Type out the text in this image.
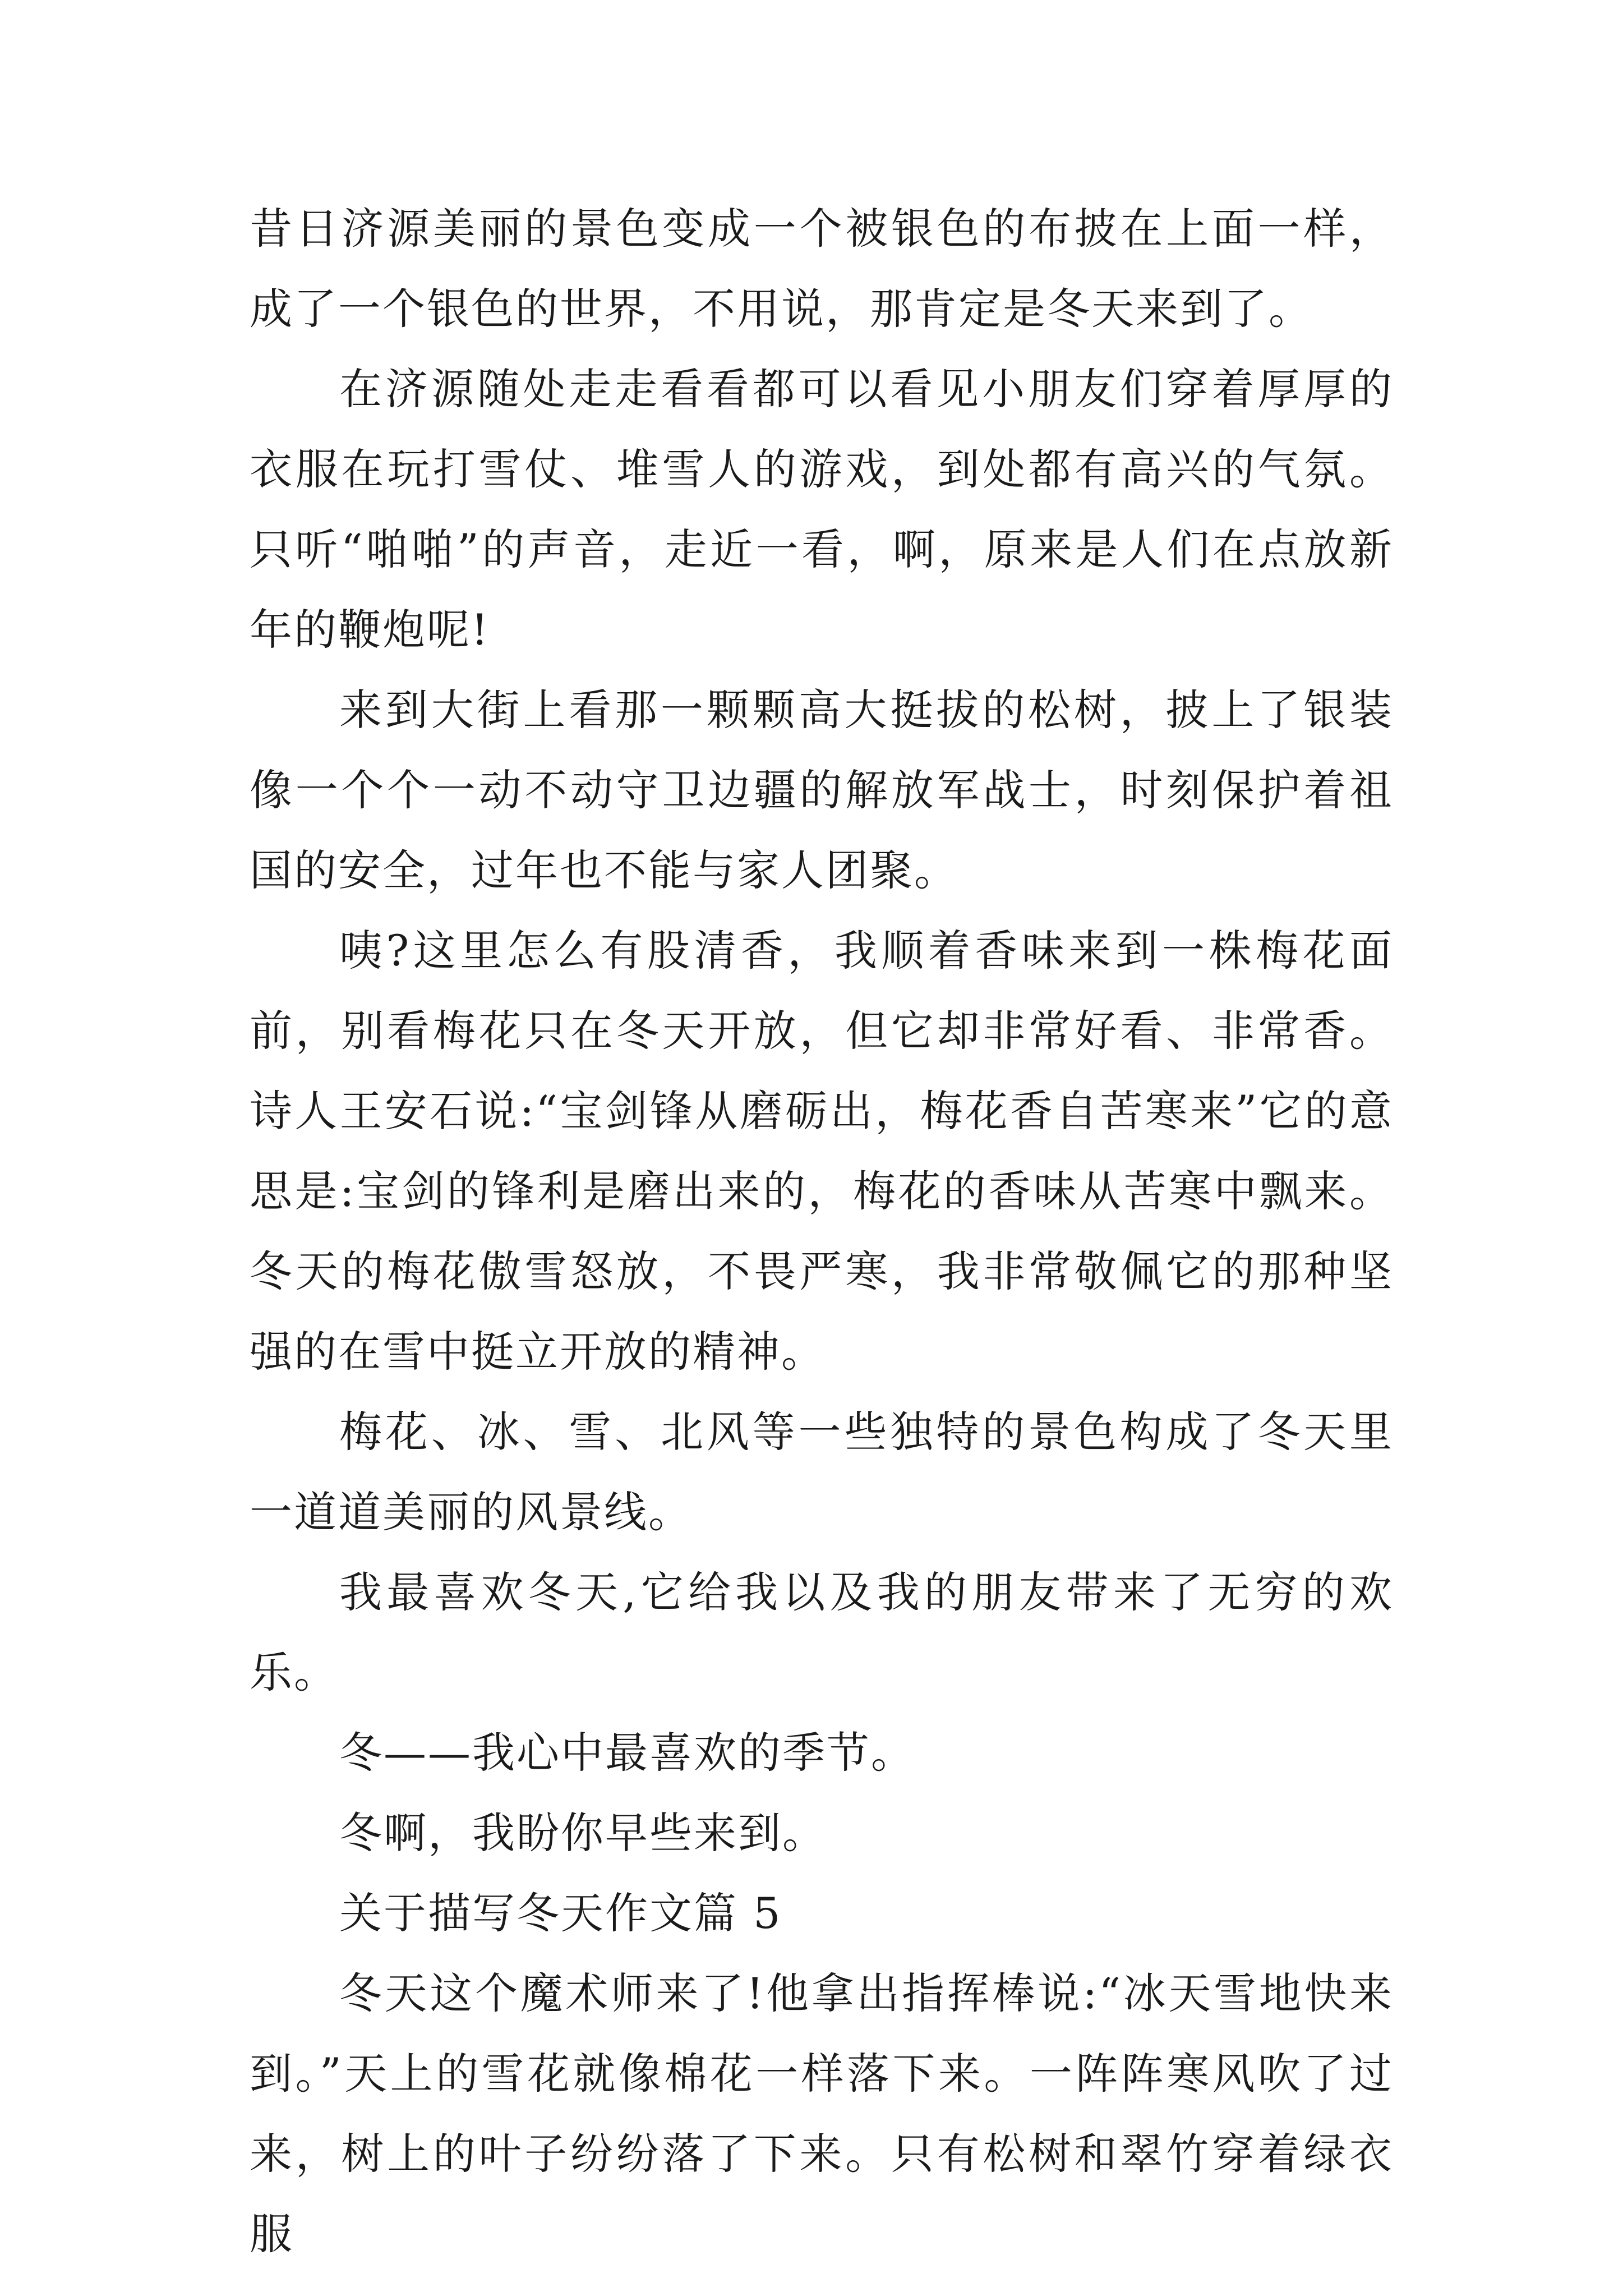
昔日济源美丽的景色变成一个被银色的布披在上面一样，成了一个银色的世界，不用说，那肯定是冬天来到了。

在济源随处走走看看都可以看见小朋友们穿着厚厚的衣服在玩打雪仗、堆雪人的游戏，到处都有高兴的气氛。只听“啪啪”的声音，走近一看，啊，原来是人们在点放新年的鞭炮呢!

来到大街上看那一颗颗高大挺拔的松树，披上了银装像一个个一动不动守卫边疆的解放军战士，时刻保护着祖国的安全，过年也不能与家人团聚。

咦?这里怎么有股清香，我顺着香味来到一株梅花面前，别看梅花只在冬天开放，但它却非常好看、非常香。诗人王安石说:“宝剑锋从磨砺出，梅花香自苦寒来”它的意思是:宝剑的锋利是磨出来的，梅花的香味从苦寒中飘来。冬天的梅花傲雪怒放，不畏严寒，我非常敬佩它的那种坚强的在雪中挺立开放的精神。

梅花、冰、雪、北风等一些独特的景色构成了冬天里一道道美丽的风景线。

我最喜欢冬天,它给我以及我的朋友带来了无穷的欢乐。

冬——我心中最喜欢的季节。

冬啊，我盼你早些来到。

关于描写冬天作文篇 5

冬天这个魔术师来了!他拿出指挥棒说:“冰天雪地快来到。”天上的雪花就像棉花一样落下来。一阵阵寒风吹了过来，树上的叶子纷纷落了下来。只有松树和翠竹穿着绿衣服
